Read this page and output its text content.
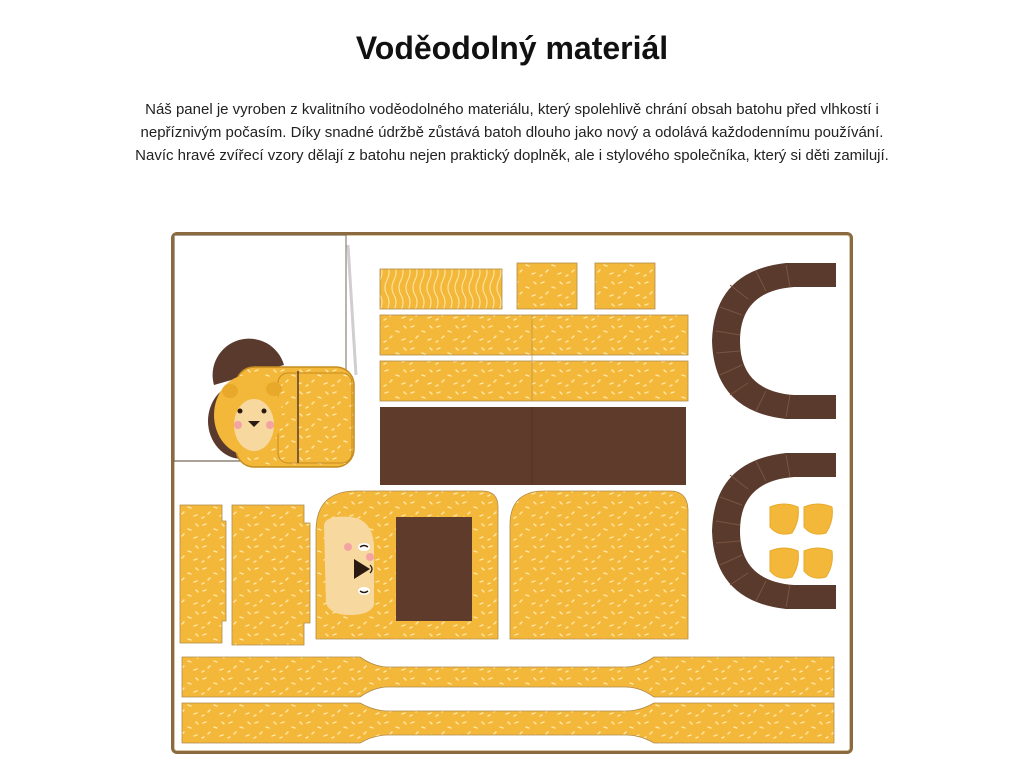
Voděodolný materiál

Náš panel je vyroben z kvalitního voděodolného materiálu, který spolehlivě chrání obsah batohu před vlhkostí i nepříznivým počasím. Díky snadné údržbě zůstává batoh dlouho jako nový a odolává každodennímu používání.

Navíc hravé zvířecí vzory dělají z batohu nejen praktický doplněk, ale i stylového společníka, který si děti zamilují.
